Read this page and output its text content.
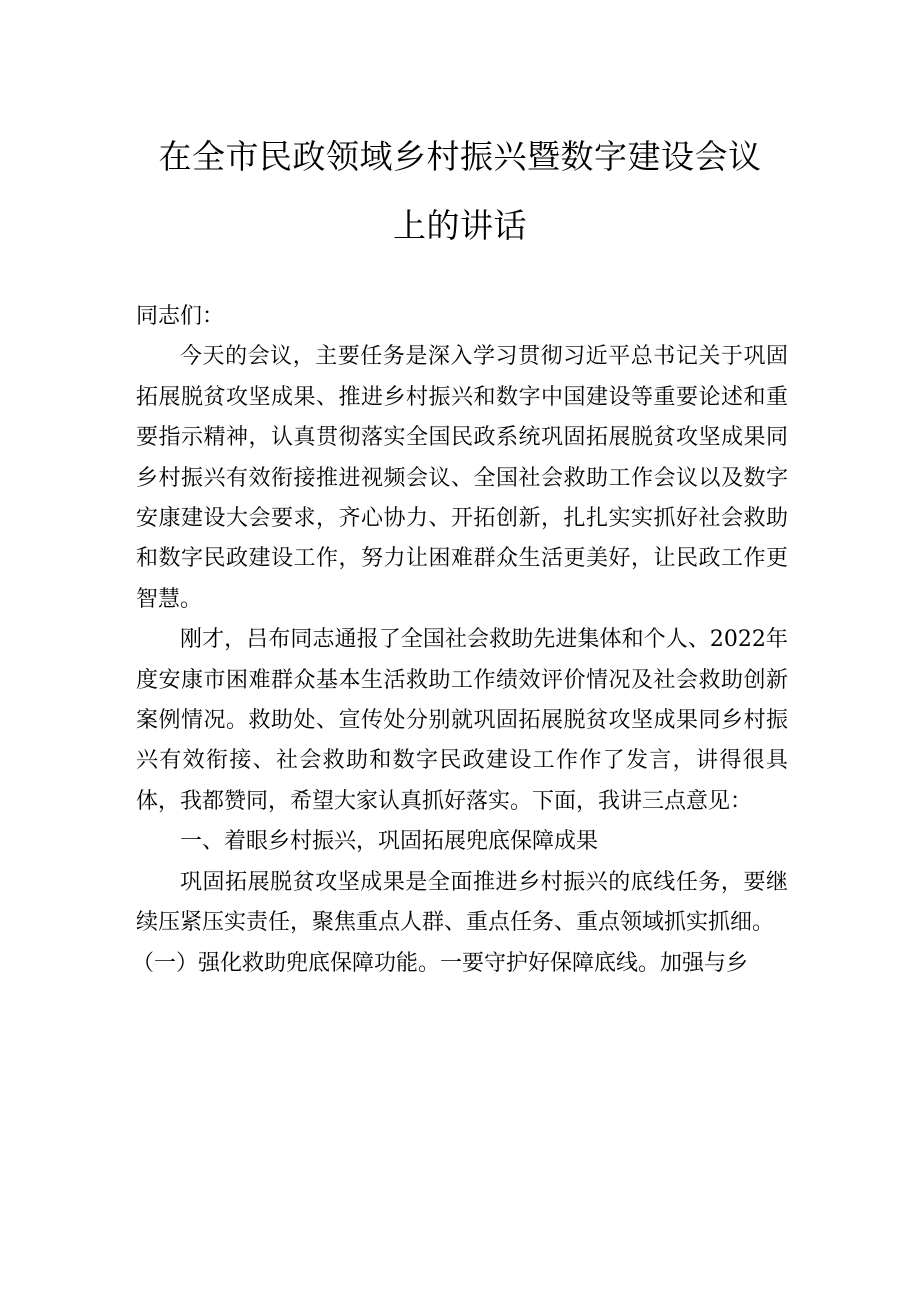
在全市民政领域乡村振兴暨数字建设会议
上的讲话

同志们：

今天的会议，主要任务是深入学习贯彻习近平总书记关于巩固拓展脱贫攻坚成果、推进乡村振兴和数字中国建设等重要论述和重要指示精神，认真贯彻落实全国民政系统巩固拓展脱贫攻坚成果同乡村振兴有效衔接推进视频会议、全国社会救助工作会议以及数字安康建设大会要求，齐心协力、开拓创新，扎扎实实抓好社会救助和数字民政建设工作，努力让困难群众生活更美好，让民政工作更智慧。

刚才，吕布同志通报了全国社会救助先进集体和个人、2022年度安康市困难群众基本生活救助工作绩效评价情况及社会救助创新案例情况。救助处、宣传处分别就巩固拓展脱贫攻坚成果同乡村振兴有效衔接、社会救助和数字民政建设工作作了发言，讲得很具体，我都赞同，希望大家认真抓好落实。下面，我讲三点意见：

一、着眼乡村振兴，巩固拓展兜底保障成果

巩固拓展脱贫攻坚成果是全面推进乡村振兴的底线任务，要继续压紧压实责任，聚焦重点人群、重点任务、重点领域抓实抓细。

（一）强化救助兜底保障功能。一要守护好保障底线。加强与乡
